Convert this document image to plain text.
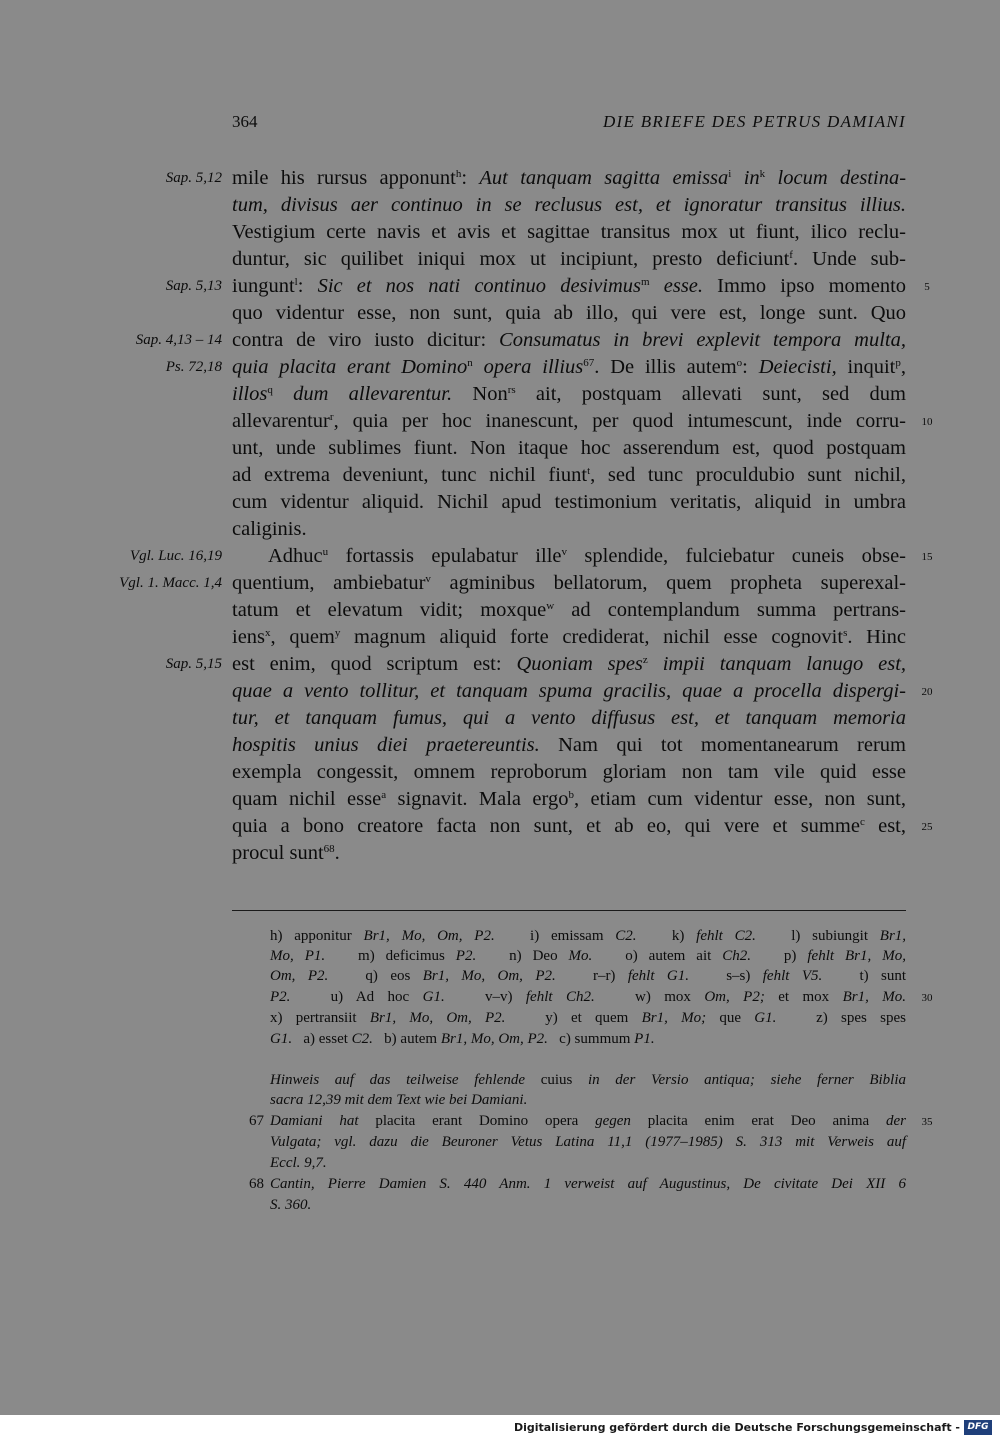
364	DIE BRIEFE DES PETRUS DAMIANI
Sap. 5,12
Sap. 5,13
Sap. 4,13 – 14
Ps. 72,18
Vgl. Luc. 16,19
Vgl. 1. Macc. 1,4
Sap. 5,15
5
10
15
20
25
mile his rursus apponunt$^h$: Aut tanquam sagitta emissa$^i$ $in^k$ locum destina-
tum, divisus aer continuo in se reclusus est, et ignoratur transitus illius.
Vestigium certe navis et avis et sagittae transitus mox ut fiunt, ilico reclu-
duntur, sic quilibet iniqui mox ut incipiunt, presto deficiunt$^f$. Unde sub-
iungunt$^l$: Sic et nos nati continuo desivimus$^m$ esse. Immo ipso momento
quo videntur esse, non sunt, quia ab illo, qui vere est, longe sunt. Quo
contra de viro iusto dicitur: Consumatus in brevi explevit tempora multa,
quia placita erant Domino$^n$ opera illius$^{67}$. De illis autem$^o$: Deiecisti, inquit$^p$,
illos$^q$ dum allevarentur. Non$^{rs}$ ait, postquam allevati sunt, sed dum
allevarentur$^r$, quia per hoc inanescunt, per quod intumescunt, inde corru-
unt, unde sublimes fiunt. Non itaque hoc asserendum est, quod postquam
ad extrema deveniunt, tunc nichil fiunt$^t$, sed tunc proculdubio sunt nichil,
cum videntur aliquid. Nichil apud testimonium veritatis, aliquid in umbra
caliginis.
Adhuc$^u$ fortassis epulabatur ille$^v$ splendide, fulciebatur cuneis obse-
quentium, ambiebatur$^v$ agminibus bellatorum, quem propheta superexal-
tatum et elevatum vidit; moxque$^w$ ad contemplandum summa pertrans-
iens$^x$, quem$^y$ magnum aliquid forte crediderat, nichil esse cognovit$^s$. Hinc
est enim, quod scriptum est: Quoniam spes$^z$ impii tanquam lanugo est,
quae a vento tollitur, et tanquam spuma gracilis, quae a procella dispergi-
tur, et tanquam fumus, qui a vento diffusus est, et tanquam memoria
hospitis unius diei praetereuntis. Nam qui tot momentanearum rerum
exempla congessit, omnem reproborum gloriam non tam vile quid esse
quam nichil esse$^a$ signavit. Mala ergo$^b$, etiam cum videntur esse, non sunt,
quia a bono creatore facta non sunt, et ab eo, qui vere et summe$^c$ est,
procul sunt$^{68}$.
h) apponitur Br1, Mo, Om, P2.   i) emissam C2.   k) fehlt C2.   l) subiungit Br1,
Mo, P1.   m) deficimus P2.   n) Deo Mo.   o) autem ait Ch2.   p) fehlt Br1, Mo,
Om, P2.   q) eos Br1, Mo, Om, P2.   r–r) fehlt G1.   s–s) fehlt V5.   t) sunt
P2.   u) Ad hoc G1.   v–v) fehlt Ch2.   w) mox Om, P2; et mox Br1, Mo.
x) pertransiit Br1, Mo, Om, P2.   y) et quem Br1, Mo; que G1.   z) spes spes
G1.   a) esset C2.   b) autem Br1, Mo, Om, P2.   c) summum P1.
Hinweis auf das teilweise fehlende cuius in der Versio antiqua; siehe ferner Biblia
sacra 12,39 mit dem Text wie bei Damiani.
67 Damiani hat placita erant Domino opera gegen placita enim erat Deo anima der
Vulgata; vgl. dazu die Beuroner Vetus Latina 11,1 (1977–1985) S. 313 mit Verweis auf
Eccl. 9,7.
68 Cantin, Pierre Damien S. 440 Anm. 1 verweist auf Augustinus, De civitate Dei XII 6
S. 360.
30
35
Digitalisierung gefördert durch die Deutsche Forschungsgemeinschaft - DFG
